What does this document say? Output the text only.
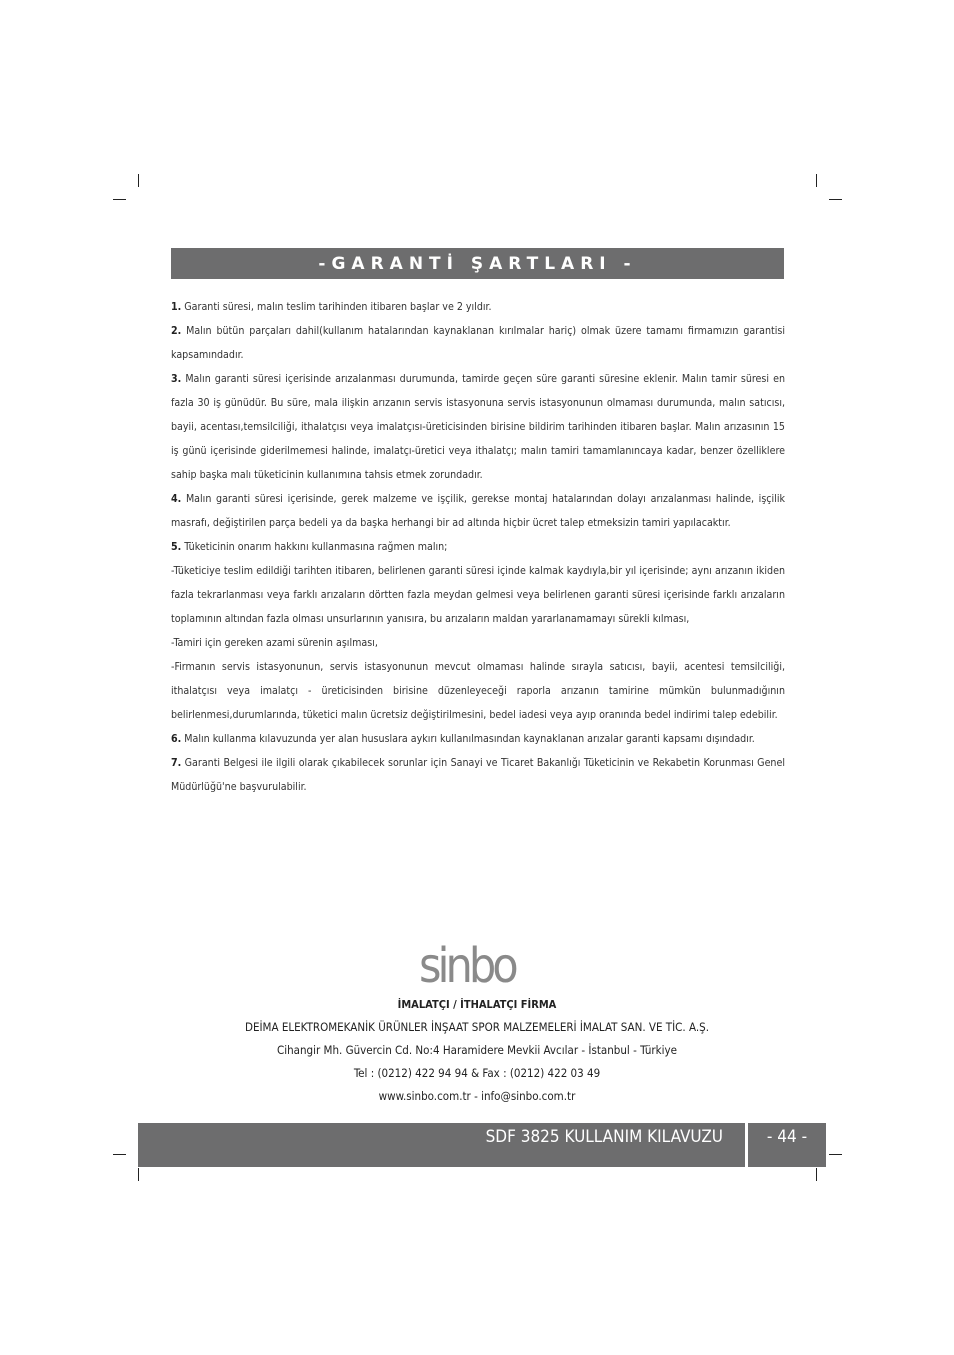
-GARANTİ ŞARTLARI -

1. Garanti süresi, malın teslim tarihinden itibaren başlar ve 2 yıldır.

2. Malın bütün parçaları dahil(kullanım hatalarından kaynaklanan kırılmalar hariç) olmak üzere tamamı firmamızın garantisi kapsamındadır.

3. Malın garanti süresi içerisinde arızalanması durumunda, tamirde geçen süre garanti süresine eklenir. Malın tamir süresi en fazla 30 iş günüdür. Bu süre, mala ilişkin arızanın servis istasyonuna servis istasyonunun olmaması durumunda, malın satıcısı, bayii, acentası,temsilciliği, ithalatçısı veya imalatçısı-üreticisinden birisine bildirim tarihinden itibaren başlar. Malın arızasının 15 iş günü içerisinde giderilmemesi halinde, imalatçı-üretici veya ithalatçı; malın tamiri tamamlanıncaya kadar, benzer özelliklere sahip başka malı tüketicinin kullanımına tahsis etmek zorundadır.

4. Malın garanti süresi içerisinde, gerek malzeme ve işçilik, gerekse montaj hatalarından dolayı arızalanması halinde, işçilik masrafı, değiştirilen parça bedeli ya da başka herhangi bir ad altında hiçbir ücret talep etmeksizin tamiri yapılacaktır.

5. Tüketicinin onarım hakkını kullanmasına rağmen malın;

-Tüketiciye teslim edildiği tarihten itibaren, belirlenen garanti süresi içinde kalmak kaydıyla,bir yıl içerisinde; aynı arızanın ikiden fazla tekrarlanması veya farklı arızaların dörtten fazla meydan gelmesi veya belirlenen garanti süresi içerisinde farklı arızaların toplamının altından fazla olması unsurlarının yanısıra, bu arızaların maldan yararlanamamayı sürekli kılması,

-Tamiri için gereken azami sürenin aşılması,

-Firmanın servis istasyonunun, servis istasyonunun mevcut olmaması halinde sırayla satıcısı, bayii, acentesi temsilciliği, ithalatçısı veya imalatçı - üreticisinden birisine düzenleyeceği raporla arızanın tamirine mümkün bulunmadığının belirlenmesi,durumlarında, tüketici malın ücretsiz değiştirilmesini, bedel iadesi veya ayıp oranında bedel indirimi talep edebilir.

6. Malın kullanma kılavuzunda yer alan hususlara aykırı kullanılmasından kaynaklanan arızalar garanti kapsamı dışındadır.

7. Garanti Belgesi ile ilgili olarak çıkabilecek sorunlar için Sanayi ve Ticaret Bakanlığı Tüketicinin ve Rekabetin Korunması Genel Müdürlüğü'ne başvurulabilir.

sinbo
İMALATÇI / İTHALATÇI FİRMA
DEİMA ELEKTROMEKANİK ÜRÜNLER İNŞAAT SPOR MALZEMELERİ İMALAT SAN. VE TİC. A.Ş.
Cihangir Mh. Güvercin Cd. No:4 Haramidere Mevkii Avcılar - İstanbul - Türkiye
Tel : (0212) 422 94 94 & Fax : (0212) 422 03 49
www.sinbo.com.tr - info@sinbo.com.tr
SDF 3825 KULLANIM KILAVUZU	- 44 -
